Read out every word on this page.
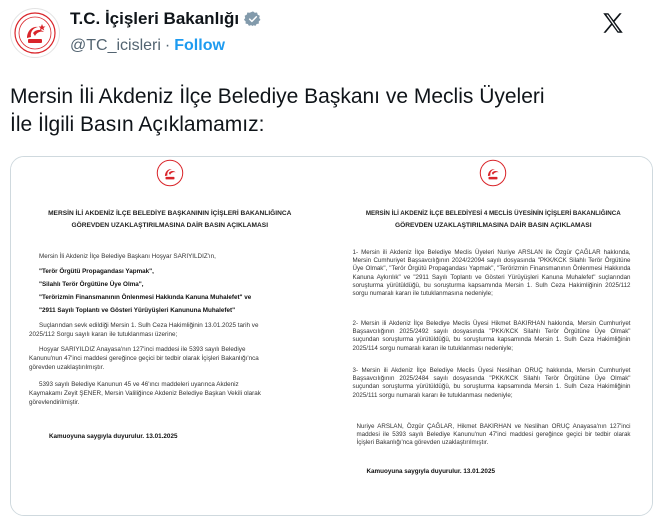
T.C. İçişleri Bakanlığı
@TC_icisleri · Follow
Mersin İli Akdeniz İlçe Belediye Başkanı ve Meclis Üyeleri
İle İlgili Basın Açıklamamız:
MERSİN İLİ AKDENİZ İLÇE BELEDİYE BAŞKANININ İÇİŞLERİ BAKANLIĞINCA
GÖREVDEN UZAKLAŞTIRILMASINA DAİR BASIN AÇIKLAMASI
Mersin İli Akdeniz İlçe Belediye Başkanı Hoşyar SARIYILDIZ'ın,
"Terör Örgütü Propagandası Yapmak",
"Silahlı Terör Örgütüne Üye Olma",
"Terörizmin Finansmanının Önlenmesi Hakkında Kanuna Muhalefet" ve
"2911 Sayılı Toplantı ve Gösteri Yürüyüşleri Kanununa Muhalefet"
Suçlarından sevk edildiği Mersin 1. Sulh Ceza Hakimliğinin 13.01.2025 tarih ve
2025/112 Sorgu sayılı kararı ile tutuklanması üzerine;
Hoşyar SARIYILDIZ Anayasa'nın 127'inci maddesi ile 5393 sayılı Belediye
Kanunu'nun 47'inci maddesi gereğince geçici bir tedbir olarak İçişleri Bakanlığı'nca
görevden uzaklaştırılmıştır.
5393 sayılı Belediye Kanunun 45 ve 46'ıncı maddeleri uyarınca Akdeniz
Kaymakamı Zeyit ŞENER, Mersin Valiliğince Akdeniz Belediye Başkan Vekili olarak
görevlendirilmiştir.
Kamuoyuna saygıyla duyurulur. 13.01.2025
MERSİN İLİ AKDENİZ İLÇE BELEDİYESİ 4 MECLİS ÜYESİNİN İÇİŞLERİ BAKANLIĞINCA
GÖREVDEN UZAKLAŞTIRILMASINA DAİR BASIN AÇIKLAMASI
1- Mersin ili Akdeniz İlçe Belediye Meclis Üyeleri Nuriye ARSLAN ile Özgür ÇAĞLAR hakkında, Mersin Cumhuriyet Başsavcılığının 2024/22094 sayılı dosyasında "PKK/KCK Silahlı Terör Örgütüne Üye Olmak", "Terör Örgütü Propagandası Yapmak", "Terörizmin Finansmanının Önlenmesi Hakkında Kanuna Aykırılık" ve "2911 Sayılı Toplantı ve Gösteri Yürüyüşleri Kanuna Muhalefet" suçlarından soruşturma yürütüldüğü, bu soruşturma kapsamında Mersin 1. Sulh Ceza Hakimliğinin 2025/112 sorgu numaralı kararı ile tutuklanmasına nedeniyle;
2- Mersin ili Akdeniz İlçe Belediye Meclis Üyesi Hikmet BAKIRHAN hakkında, Mersin Cumhuriyet Başsavcılığının 2025/2492 sayılı dosyasında "PKK/KCK Silahlı Terör Örgütüne Üye Olmak" suçundan soruşturma yürütüldüğü, bu soruşturma kapsamında Mersin 1. Sulh Ceza Hakimliğinin 2025/114 sorgu numaralı kararı ile tutuklanması nedeniyle;
3- Mersin ili Akdeniz İlçe Belediye Meclis Üyesi Neslihan ORUÇ hakkında, Mersin Cumhuriyet Başsavcılığının 2025/2484 sayılı dosyasında "PKK/KCK Silahlı Terör Örgütüne Üye Olmak" suçundan soruşturma yürütüldüğü, bu soruşturma kapsamında Mersin 1. Sulh Ceza Hakimliğinin 2025/111 sorgu numaralı kararı ile tutuklanması nedeniyle;
Nuriye ARSLAN, Özgür ÇAĞLAR, Hikmet BAKIRHAN ve Neslihan ORUÇ Anayasa'nın 127'inci maddesi ile 5393 sayılı Belediye Kanunu'nun 47'inci maddesi gereğince geçici bir tedbir olarak İçişleri Bakanlığı'nca görevden uzaklaştırılmıştır.
Kamuoyuna saygıyla duyurulur. 13.01.2025
